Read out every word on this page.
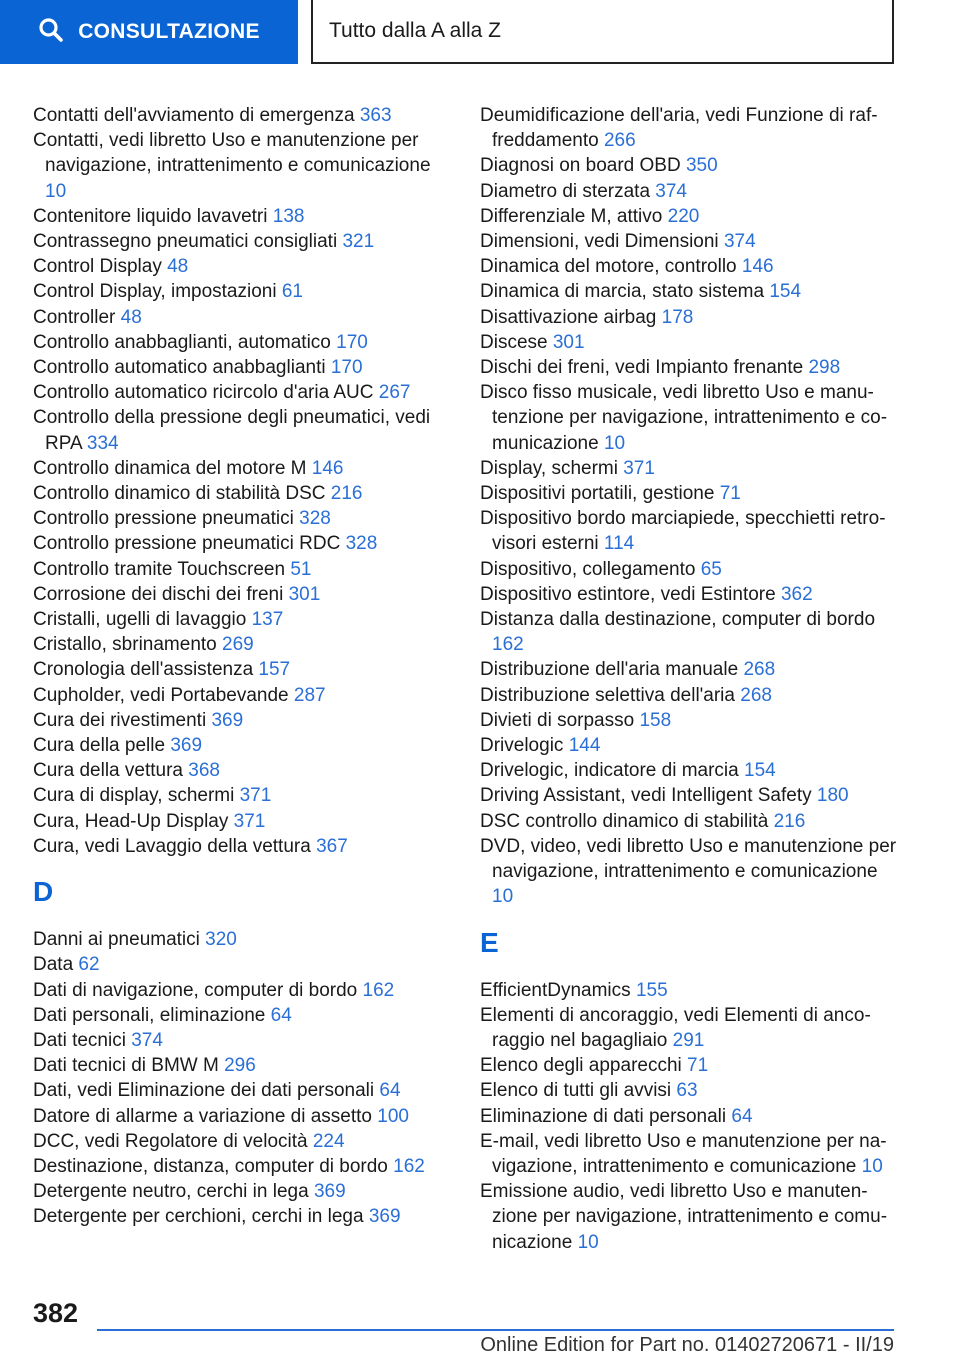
CONSULTAZIONE	Tutto dalla A alla Z
Contatti dell'avviamento di emergenza 363
Contatti, vedi libretto Uso e manutenzione per navigazione, intrattenimento e comunicazione 10
Contenitore liquido lavavetri 138
Contrassegno pneumatici consigliati 321
Control Display 48
Control Display, impostazioni 61
Controller 48
Controllo anabbaglianti, automatico 170
Controllo automatico anabbaglianti 170
Controllo automatico ricircolo d'aria AUC 267
Controllo della pressione degli pneumatici, vedi RPA 334
Controllo dinamica del motore M 146
Controllo dinamico di stabilità DSC 216
Controllo pressione pneumatici 328
Controllo pressione pneumatici RDC 328
Controllo tramite Touchscreen 51
Corrosione dei dischi dei freni 301
Cristalli, ugelli di lavaggio 137
Cristallo, sbrinamento 269
Cronologia dell'assistenza 157
Cupholder, vedi Portabevande 287
Cura dei rivestimenti 369
Cura della pelle 369
Cura della vettura 368
Cura di display, schermi 371
Cura, Head-Up Display 371
Cura, vedi Lavaggio della vettura 367
D
Danni ai pneumatici 320
Data 62
Dati di navigazione, computer di bordo 162
Dati personali, eliminazione 64
Dati tecnici 374
Dati tecnici di BMW M 296
Dati, vedi Eliminazione dei dati personali 64
Datore di allarme a variazione di assetto 100
DCC, vedi Regolatore di velocità 224
Destinazione, distanza, computer di bordo 162
Detergente neutro, cerchi in lega 369
Detergente per cerchioni, cerchi in lega 369
Deumidificazione dell'aria, vedi Funzione di raffreddamento 266
Diagnosi on board OBD 350
Diametro di sterzata 374
Differenziale M, attivo 220
Dimensioni, vedi Dimensioni 374
Dinamica del motore, controllo 146
Dinamica di marcia, stato sistema 154
Disattivazione airbag 178
Discese 301
Dischi dei freni, vedi Impianto frenante 298
Disco fisso musicale, vedi libretto Uso e manutenzione per navigazione, intrattenimento e comunicazione 10
Display, schermi 371
Dispositivi portatili, gestione 71
Dispositivo bordo marciapiede, specchietti retrovisori esterni 114
Dispositivo, collegamento 65
Dispositivo estintore, vedi Estintore 362
Distanza dalla destinazione, computer di bordo 162
Distribuzione dell'aria manuale 268
Distribuzione selettiva dell'aria 268
Divieti di sorpasso 158
Drivelogic 144
Drivelogic, indicatore di marcia 154
Driving Assistant, vedi Intelligent Safety 180
DSC controllo dinamico di stabilità 216
DVD, video, vedi libretto Uso e manutenzione per navigazione, intrattenimento e comunicazione 10
E
EfficientDynamics 155
Elementi di ancoraggio, vedi Elementi di ancoraggio nel bagagliaio 291
Elenco degli apparecchi 71
Elenco di tutti gli avvisi 63
Eliminazione di dati personali 64
E-mail, vedi libretto Uso e manutenzione per navigazione, intrattenimento e comunicazione 10
Emissione audio, vedi libretto Uso e manutenzione per navigazione, intrattenimento e comunicazione 10
382
Online Edition for Part no. 01402720671 - II/19
